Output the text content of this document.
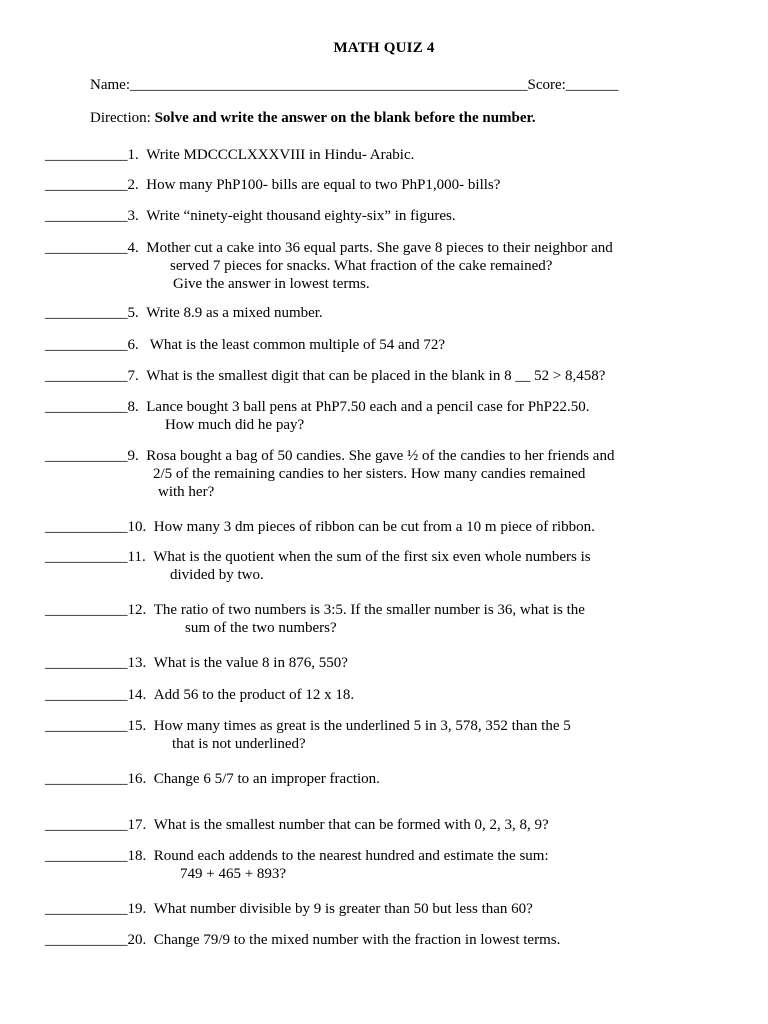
MATH QUIZ 4
Name:_____________________________________________________Score:_______
Direction: Solve and write the answer on the blank before the number.
___________1. Write MDCCCLXXXVIII in Hindu- Arabic.
___________2. How many PhP100- bills are equal to two PhP1,000- bills?
___________3. Write “ninety-eight thousand eighty-six” in figures.
___________4. Mother cut a cake into 36 equal parts. She gave 8 pieces to their neighbor and
served 7 pieces for snacks. What fraction of the cake remained?
Give the answer in lowest terms.
___________5. Write 8.9 as a mixed number.
___________6.   What is the least common multiple of 54 and 72?
___________7. What is the smallest digit that can be placed in the blank in 8 __ 52 > 8,458?
___________8. Lance bought 3 ball pens at PhP7.50 each and a pencil case for PhP22.50.
How much did he pay?
___________9. Rosa bought a bag of 50 candies. She gave ½ of the candies to her friends and
2/5 of the remaining candies to her sisters. How many candies remained
with her?
___________10. How many 3 dm pieces of ribbon can be cut from a 10 m piece of ribbon.
___________11. What is the quotient when the sum of the first six even whole numbers is
divided by two.
___________12. The ratio of two numbers is 3:5. If the smaller number is 36, what is the
sum of the two numbers?
___________13. What is the value 8 in 876, 550?
___________14. Add 56 to the product of 12 x 18.
___________15. How many times as great is the underlined 5 in 3, 578, 352 than the 5
that is not underlined?
___________16. Change 6 5/7 to an improper fraction.
___________17. What is the smallest number that can be formed with 0, 2, 3, 8, 9?
___________18. Round each addends to the nearest hundred and estimate the sum:
749 + 465 + 893?
___________19. What number divisible by 9 is greater than 50 but less than 60?
___________20. Change 79/9 to the mixed number with the fraction in lowest terms.
